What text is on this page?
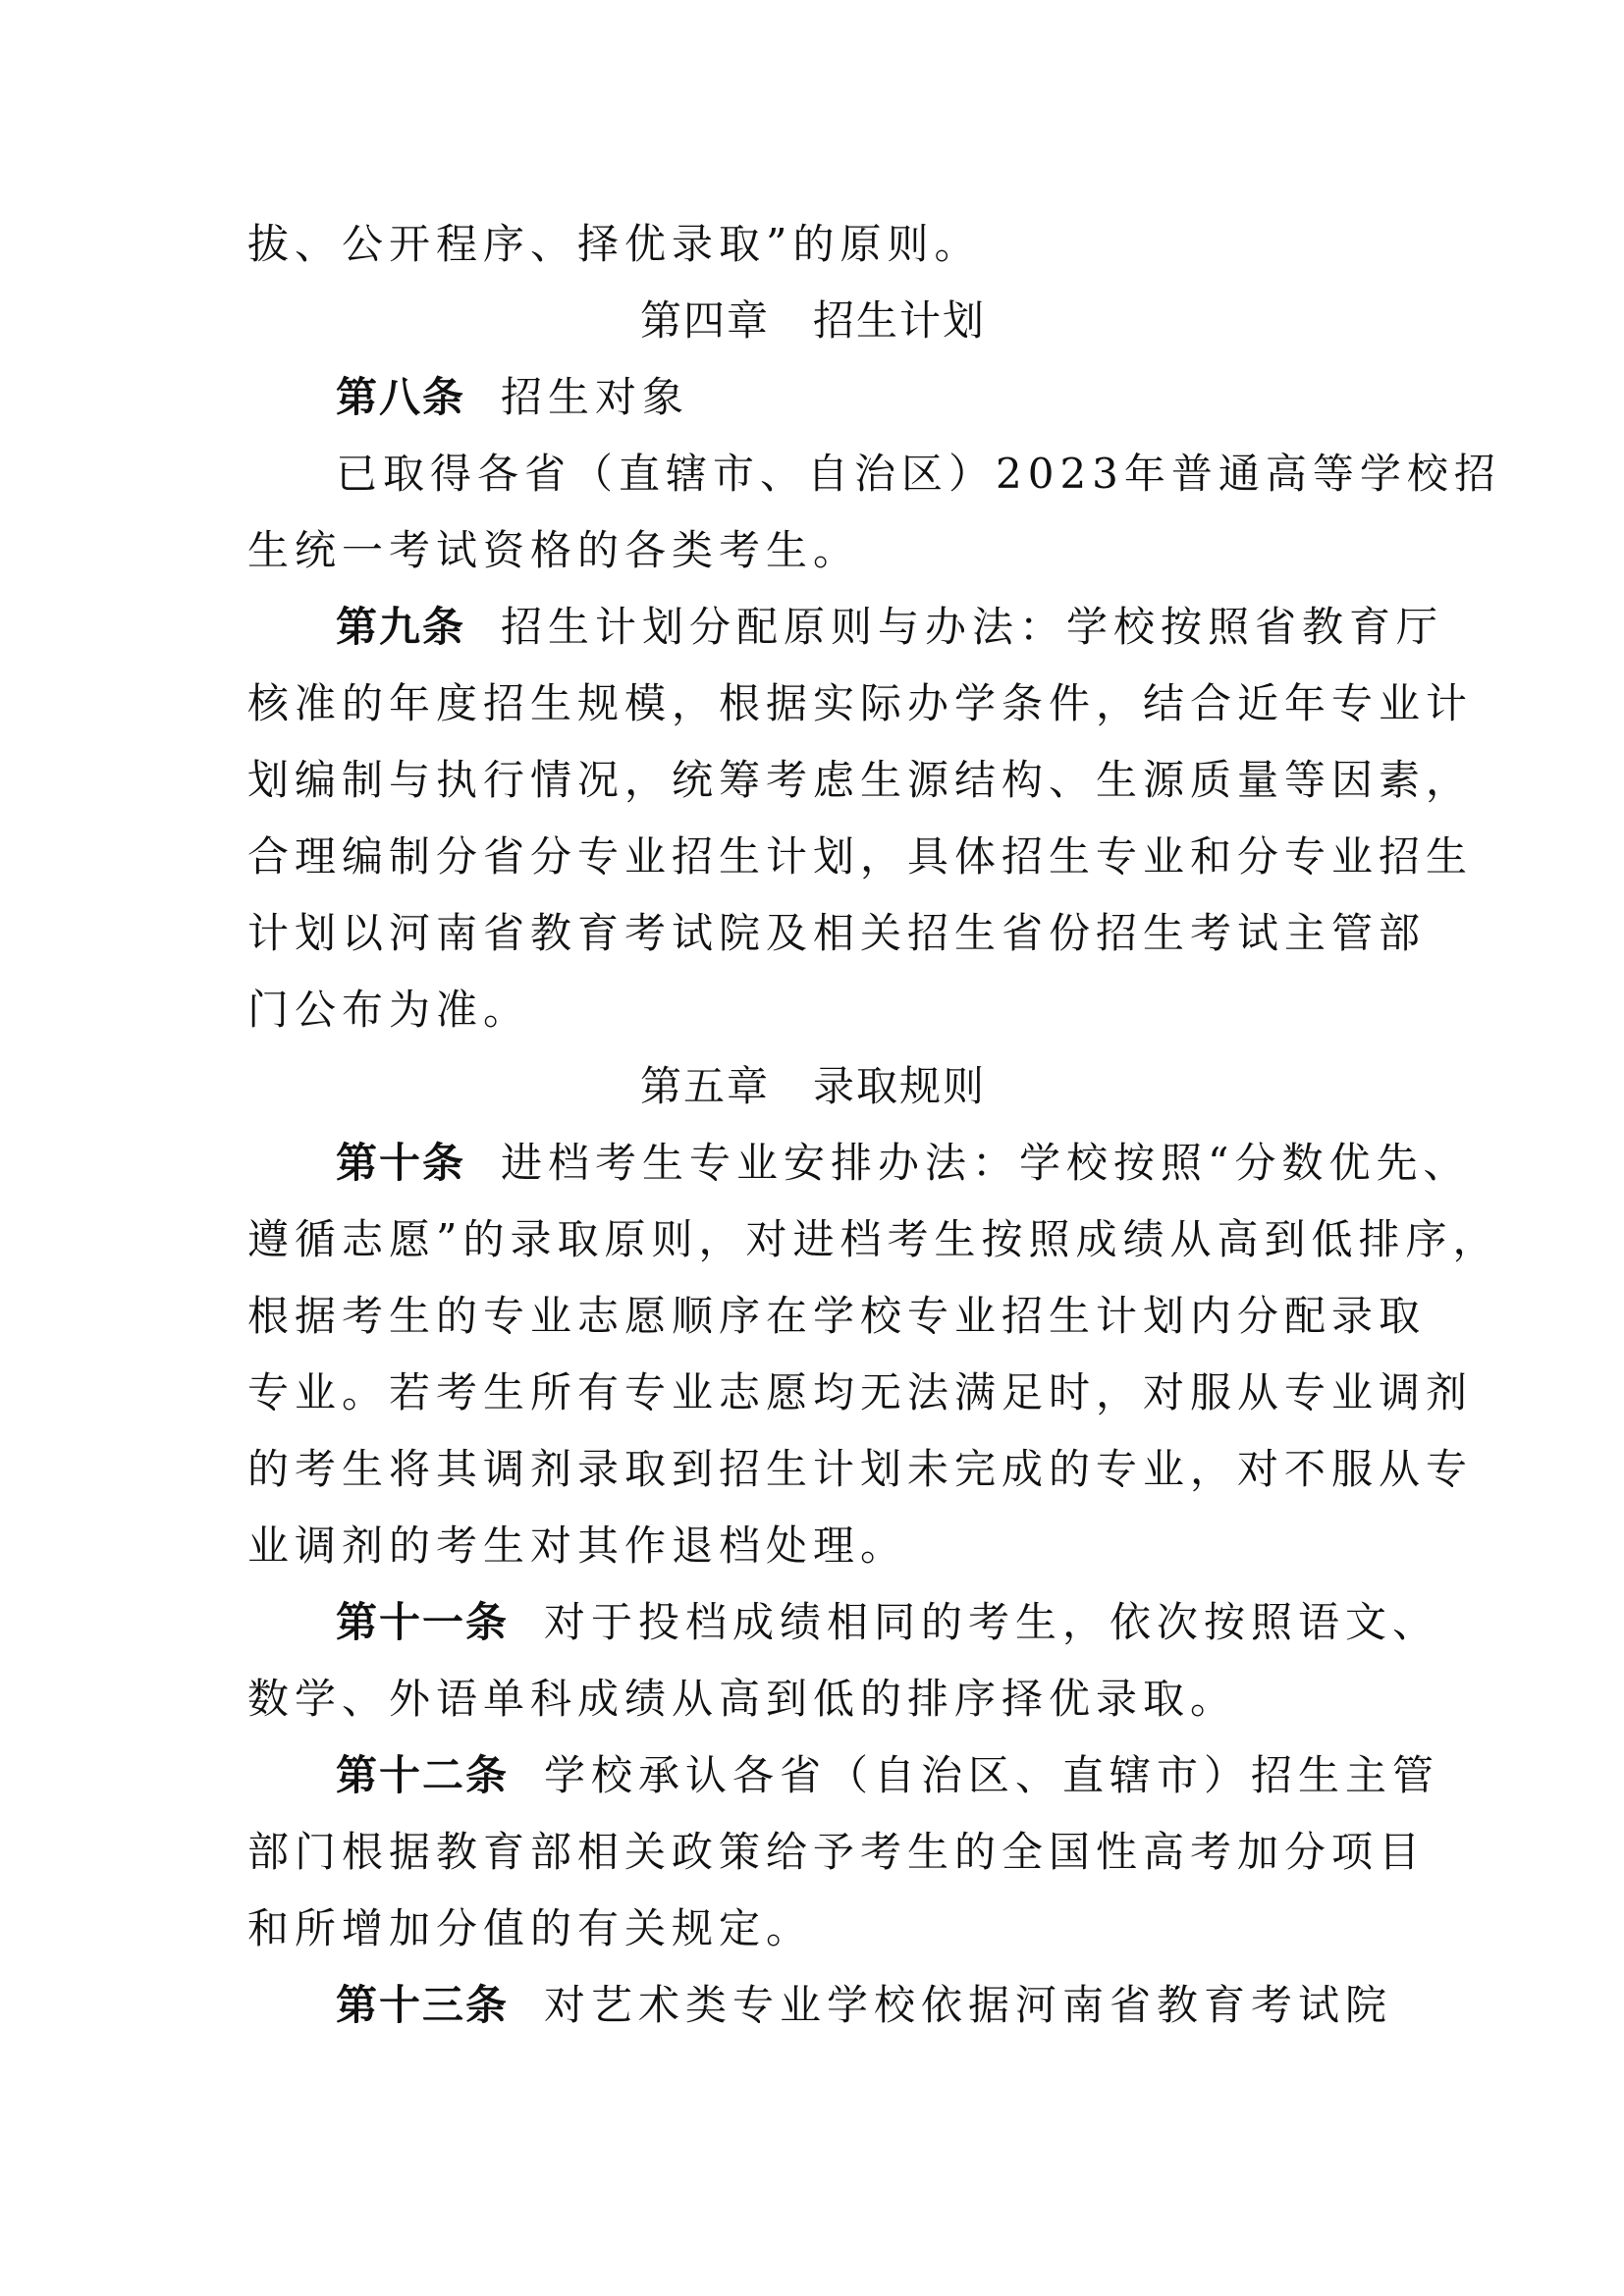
拔、公开程序、择优录取”的原则。
第四章　招生计划
第八条 招生对象
已取得各省（直辖市、自治区）2023年普通高等学校招
生统一考试资格的各类考生。
第九条 招生计划分配原则与办法：学校按照省教育厅
核准的年度招生规模，根据实际办学条件，结合近年专业计
划编制与执行情况，统筹考虑生源结构、生源质量等因素，
合理编制分省分专业招生计划，具体招生专业和分专业招生
计划以河南省教育考试院及相关招生省份招生考试主管部
门公布为准。
第五章　录取规则
第十条 进档考生专业安排办法：学校按照“分数优先、
遵循志愿”的录取原则，对进档考生按照成绩从高到低排序，
根据考生的专业志愿顺序在学校专业招生计划内分配录取
专业。若考生所有专业志愿均无法满足时，对服从专业调剂
的考生将其调剂录取到招生计划未完成的专业，对不服从专
业调剂的考生对其作退档处理。
第十一条 对于投档成绩相同的考生，依次按照语文、
数学、外语单科成绩从高到低的排序择优录取。
第十二条 学校承认各省（自治区、直辖市）招生主管
部门根据教育部相关政策给予考生的全国性高考加分项目
和所增加分值的有关规定。
第十三条 对艺术类专业学校依据河南省教育考试院
